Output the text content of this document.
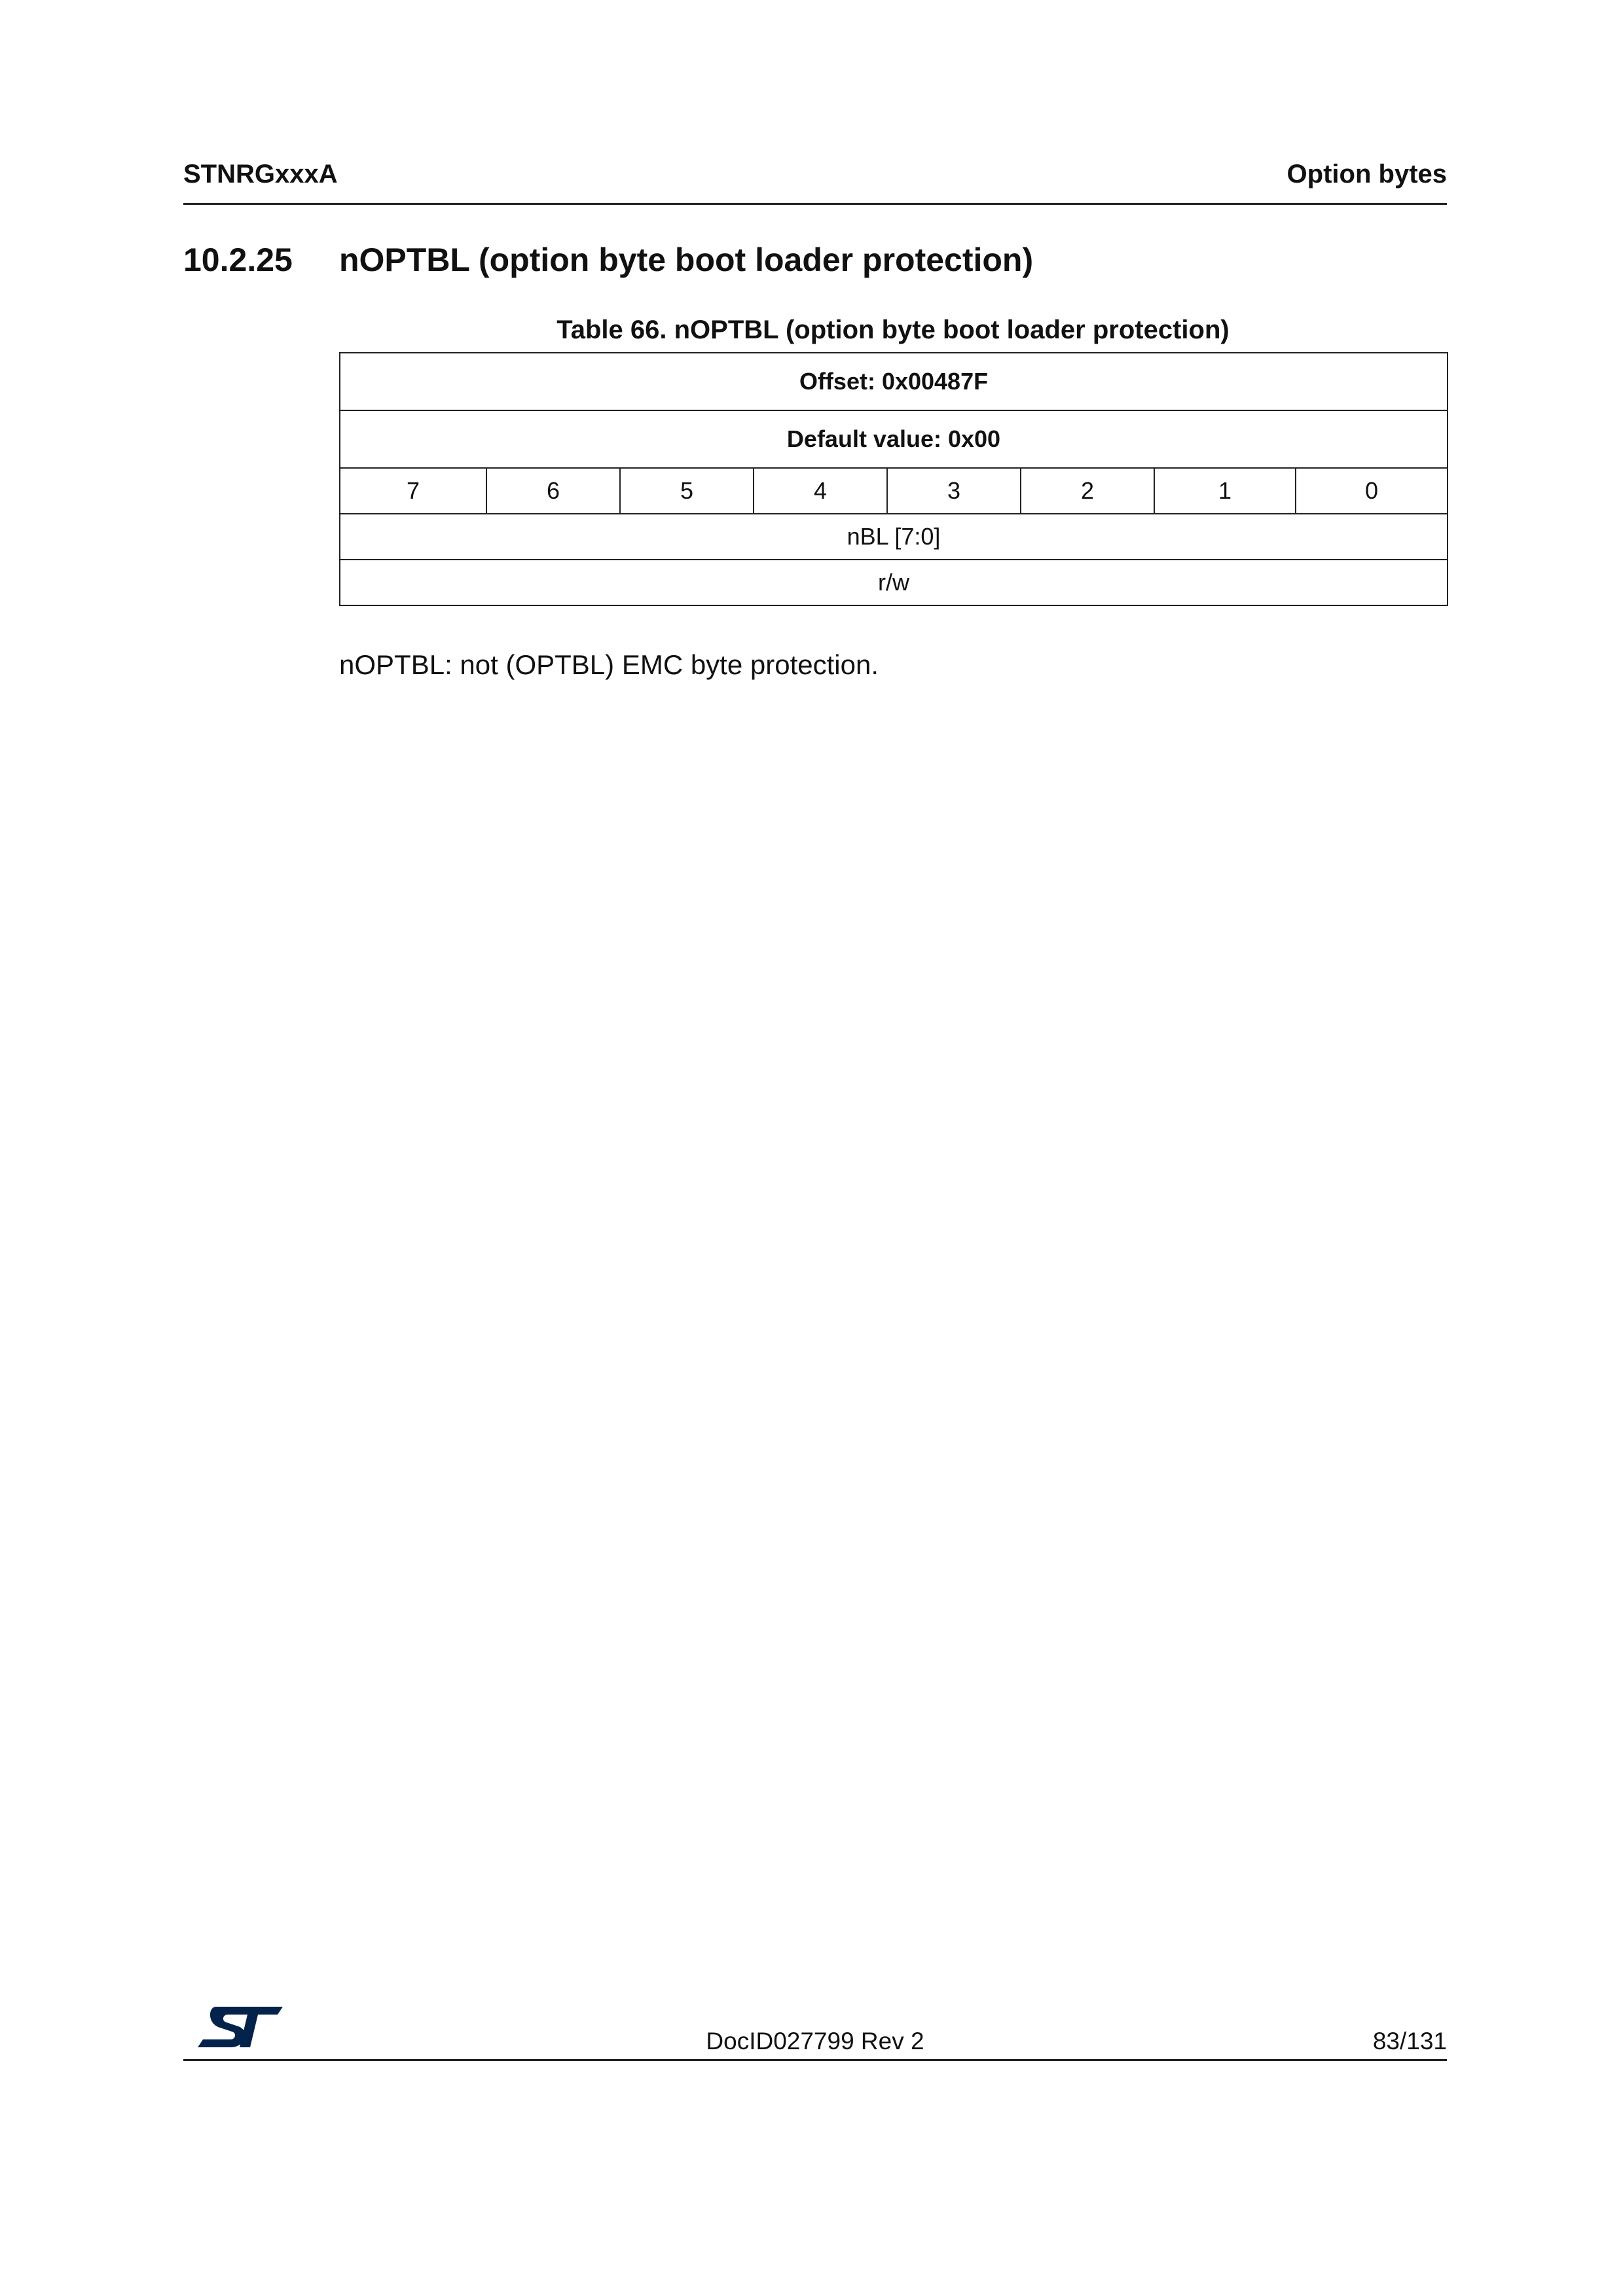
STNRGxxxA	Option bytes
10.2.25 nOPTBL (option byte boot loader protection)
Table 66. nOPTBL (option byte boot loader protection)
Offset: 0x00487F
Default value: 0x00
7	6	5	4	3	2	1	0
nBL [7:0]
r/w
nOPTBL: not (OPTBL) EMC byte protection.
DocID027799 Rev 2	83/131
